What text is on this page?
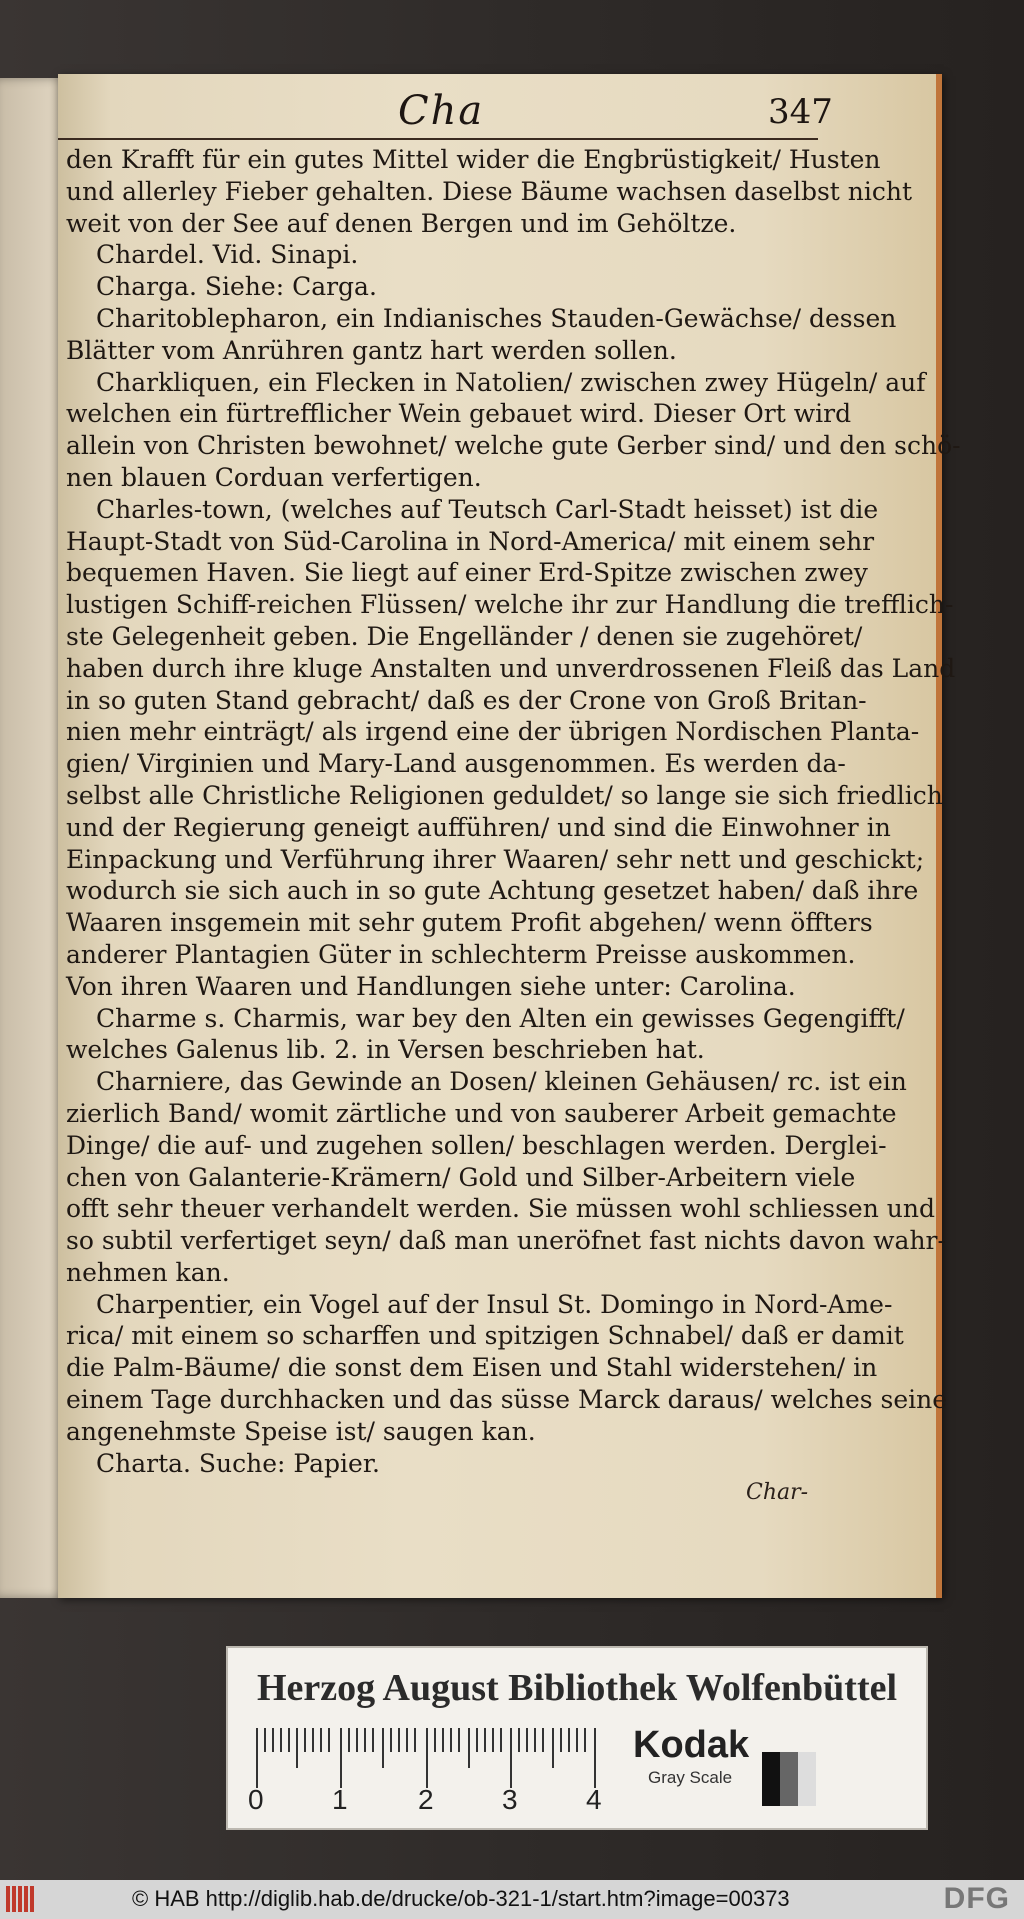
Cha	347
den Krafft für ein gutes Mittel wider die Engbrüstigkeit/ Husten
und allerley Fieber gehalten. Diese Bäume wachsen daselbst nicht
weit von der See auf denen Bergen und im Gehöltze.
Chardel. Vid. Sinapi.
Charga. Siehe: Carga.
Charitoblepharon, ein Indianisches Stauden-Gewächse/ dessen
Blätter vom Anrühren gantz hart werden sollen.
Charkliquen, ein Flecken in Natolien/ zwischen zwey Hügeln/ auf
welchen ein fürtrefflicher Wein gebauet wird. Dieser Ort wird
allein von Christen bewohnet/ welche gute Gerber sind/ und den schö-
nen blauen Corduan verfertigen.
Charles-town, (welches auf Teutsch Carl-Stadt heisset) ist die
Haupt-Stadt von Süd-Carolina in Nord-America/ mit einem sehr
bequemen Haven. Sie liegt auf einer Erd-Spitze zwischen zwey
lustigen Schiff-reichen Flüssen/ welche ihr zur Handlung die trefflich-
ste Gelegenheit geben. Die Engelländer / denen sie zugehöret/
haben durch ihre kluge Anstalten und unverdrossenen Fleiß das Land
in so guten Stand gebracht/ daß es der Crone von Groß Britan-
nien mehr einträgt/ als irgend eine der übrigen Nordischen Planta-
gien/ Virginien und Mary-Land ausgenommen. Es werden da-
selbst alle Christliche Religionen geduldet/ so lange sie sich friedlich
und der Regierung geneigt aufführen/ und sind die Einwohner in
Einpackung und Verführung ihrer Waaren/ sehr nett und geschickt;
wodurch sie sich auch in so gute Achtung gesetzet haben/ daß ihre
Waaren insgemein mit sehr gutem Profit abgehen/ wenn öffters
anderer Plantagien Güter in schlechterm Preisse auskommen.
Von ihren Waaren und Handlungen siehe unter: Carolina.
Charme s. Charmis, war bey den Alten ein gewisses Gegengifft/
welches Galenus lib. 2. in Versen beschrieben hat.
Charniere, das Gewinde an Dosen/ kleinen Gehäusen/ rc. ist ein
zierlich Band/ womit zärtliche und von sauberer Arbeit gemachte
Dinge/ die auf- und zugehen sollen/ beschlagen werden. Derglei-
chen von Galanterie-Krämern/ Gold und Silber-Arbeitern viele
offt sehr theuer verhandelt werden. Sie müssen wohl schliessen und
so subtil verfertiget seyn/ daß man uneröfnet fast nichts davon wahr-
nehmen kan.
Charpentier, ein Vogel auf der Insul St. Domingo in Nord-Ame-
rica/ mit einem so scharffen und spitzigen Schnabel/ daß er damit
die Palm-Bäume/ die sonst dem Eisen und Stahl widerstehen/ in
einem Tage durchhacken und das süsse Marck daraus/ welches seine
angenehmste Speise ist/ saugen kan.
Charta. Suche: Papier.
Char-
Herzog August Bibliothek Wolfenbüttel
0 1	2 3 4
Kodak
Gray Scale
© HAB http://diglib.hab.de/drucke/ob-321-1/start.htm?image=00373	DFG
